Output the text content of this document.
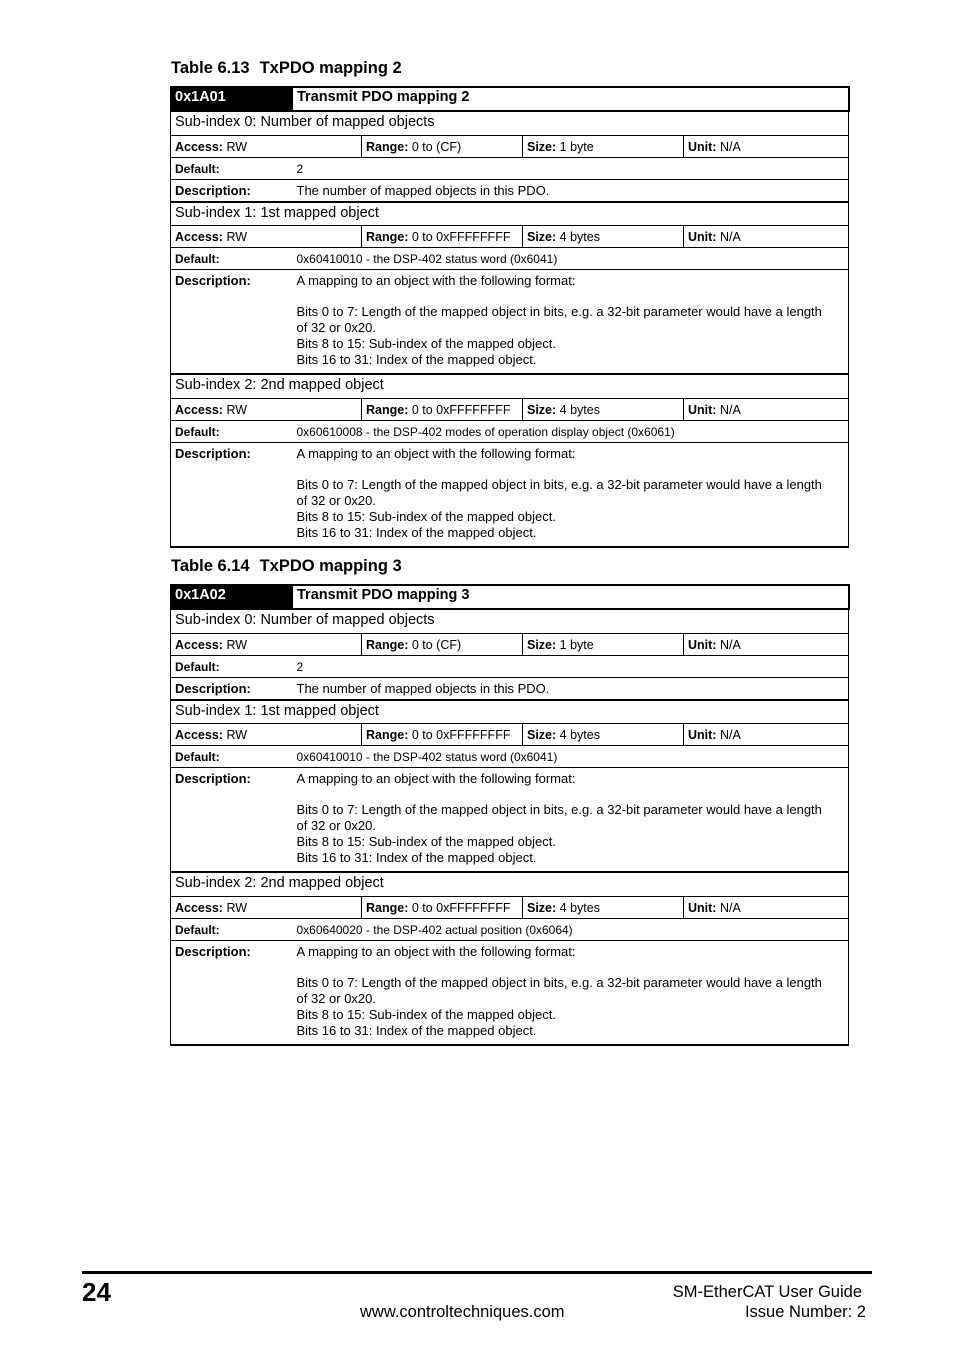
Table 6.13 TxPDO mapping 2
0x1A01	Transmit PDO mapping 2			
Sub-index 0: Number of mapped objects				
Access: RW		Range: 0 to (CF)	Size: 1 byte	Unit: N/A
Default:	2			
Description:	The number of mapped objects in this PDO.			

Sub-index 1: 1st mapped object				
Access: RW		Range: 0 to 0xFFFFFFFF	Size: 4 bytes	Unit: N/A
Default:	0x60410010 - the DSP-402 status word (0x6041)			
Description:	A mapping to an object with the following format:
Bits 0 to 7: Length of the mapped object in bits, e.g. a 32-bit parameter would have a length
of 32 or 0x20.
Bits 8 to 15: Sub-index of the mapped object.
Bits 16 to 31: Index of the mapped object.			

Sub-index 2: 2nd mapped object				
Access: RW		Range: 0 to 0xFFFFFFFF	Size: 4 bytes	Unit: N/A
Default:	0x60610008 - the DSP-402 modes of operation display object (0x6061)			
Description:	A mapping to an object with the following format:
Bits 0 to 7: Length of the mapped object in bits, e.g. a 32-bit parameter would have a length
of 32 or 0x20.
Bits 8 to 15: Sub-index of the mapped object.
Bits 16 to 31: Index of the mapped object.			
Table 6.14 TxPDO mapping 3
0x1A02	Transmit PDO mapping 3			
Sub-index 0: Number of mapped objects				
Access: RW		Range: 0 to (CF)	Size: 1 byte	Unit: N/A
Default:	2			
Description:	The number of mapped objects in this PDO.			

Sub-index 1: 1st mapped object				
Access: RW		Range: 0 to 0xFFFFFFFF	Size: 4 bytes	Unit: N/A
Default:	0x60410010 - the DSP-402 status word (0x6041)			
Description:	A mapping to an object with the following format:
Bits 0 to 7: Length of the mapped object in bits, e.g. a 32-bit parameter would have a length
of 32 or 0x20.
Bits 8 to 15: Sub-index of the mapped object.
Bits 16 to 31: Index of the mapped object.			

Sub-index 2: 2nd mapped object				
Access: RW		Range: 0 to 0xFFFFFFFF	Size: 4 bytes	Unit: N/A
Default:	0x60640020 - the DSP-402 actual position (0x6064)			
Description:	A mapping to an object with the following format:
Bits 0 to 7: Length of the mapped object in bits, e.g. a 32-bit parameter would have a length
of 32 or 0x20.
Bits 8 to 15: Sub-index of the mapped object.
Bits 16 to 31: Index of the mapped object.			
24
www.controltechniques.com
SM-EtherCAT User Guide
Issue Number: 2
